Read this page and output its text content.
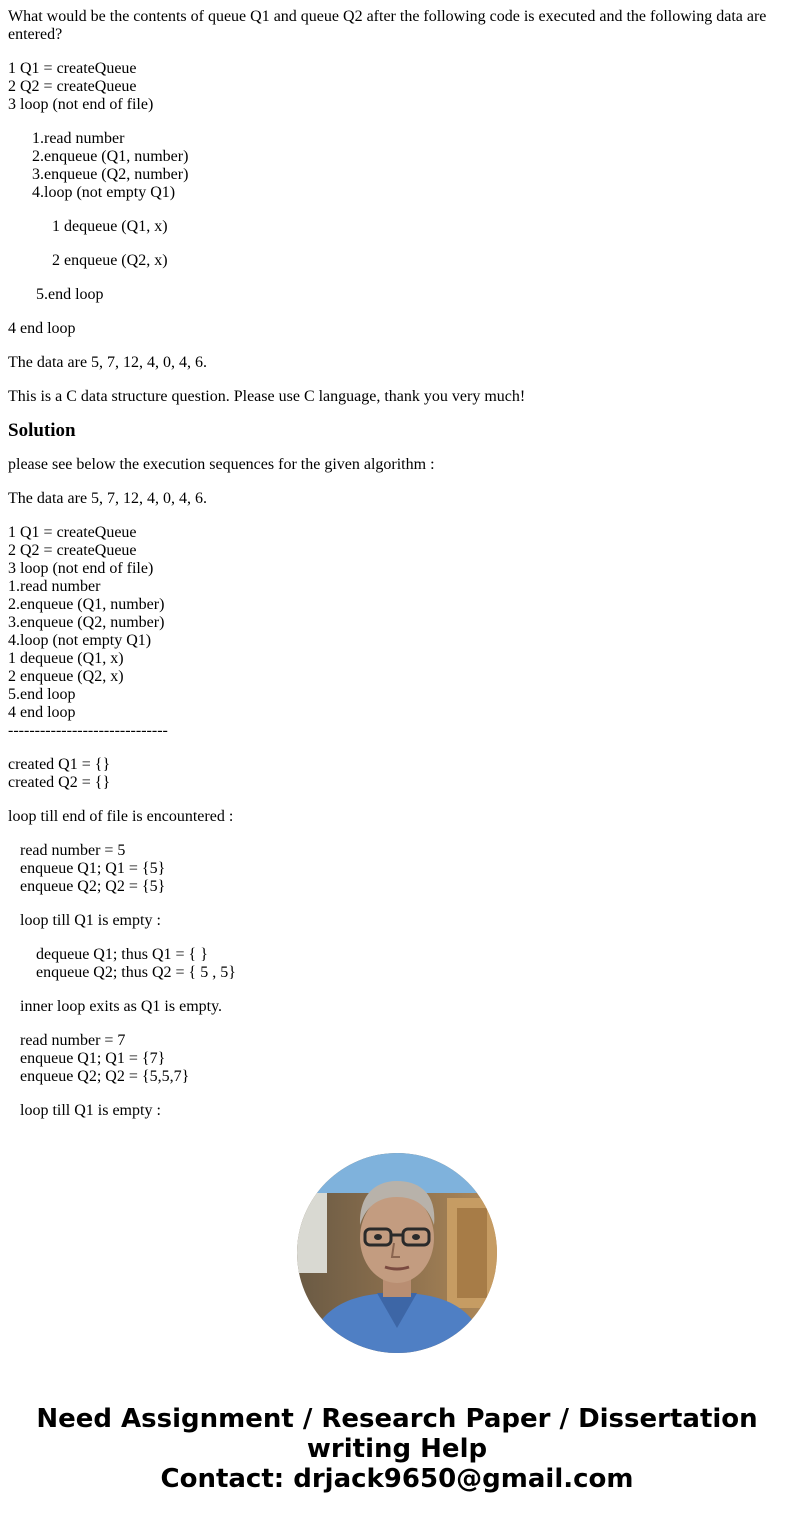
What would be the contents of queue Q1 and queue Q2 after the following code is executed and the following data are entered?

1 Q1 = createQueue
2 Q2 = createQueue
3 loop (not end of file)
1.read number
2.enqueue (Q1, number)
3.enqueue (Q2, number)
4.loop (not empty Q1)
1 dequeue (Q1, x)
2 enqueue (Q2, x)
5.end loop
4 end loop
The data are 5, 7, 12, 4, 0, 4, 6.
This is a C data structure question. Please use C language, thank you very much!
Solution
please see below the execution sequences for the given algorithm :
The data are 5, 7, 12, 4, 0, 4, 6.
1 Q1 = createQueue
2 Q2 = createQueue
3 loop (not end of file)
1.read number
2.enqueue (Q1, number)
3.enqueue (Q2, number)
4.loop (not empty Q1)
1 dequeue (Q1, x)
2 enqueue (Q2, x)
5.end loop
4 end loop
------------------------------
created Q1 = {}
created Q2 = {}
loop till end of file is encountered :
read number = 5
enqueue Q1; Q1 = {5}
enqueue Q2; Q2 = {5}
loop till Q1 is empty :
dequeue Q1; thus Q1 = { }
enqueue Q2; thus Q2 = { 5 , 5}
inner loop exits as Q1 is empty.
read number = 7
enqueue Q1; Q1 = {7}
enqueue Q2; Q2 = {5,5,7}
loop till Q1 is empty :
Need Assignment / Research Paper / Dissertation
writing Help
Contact: drjack9650@gmail.com
